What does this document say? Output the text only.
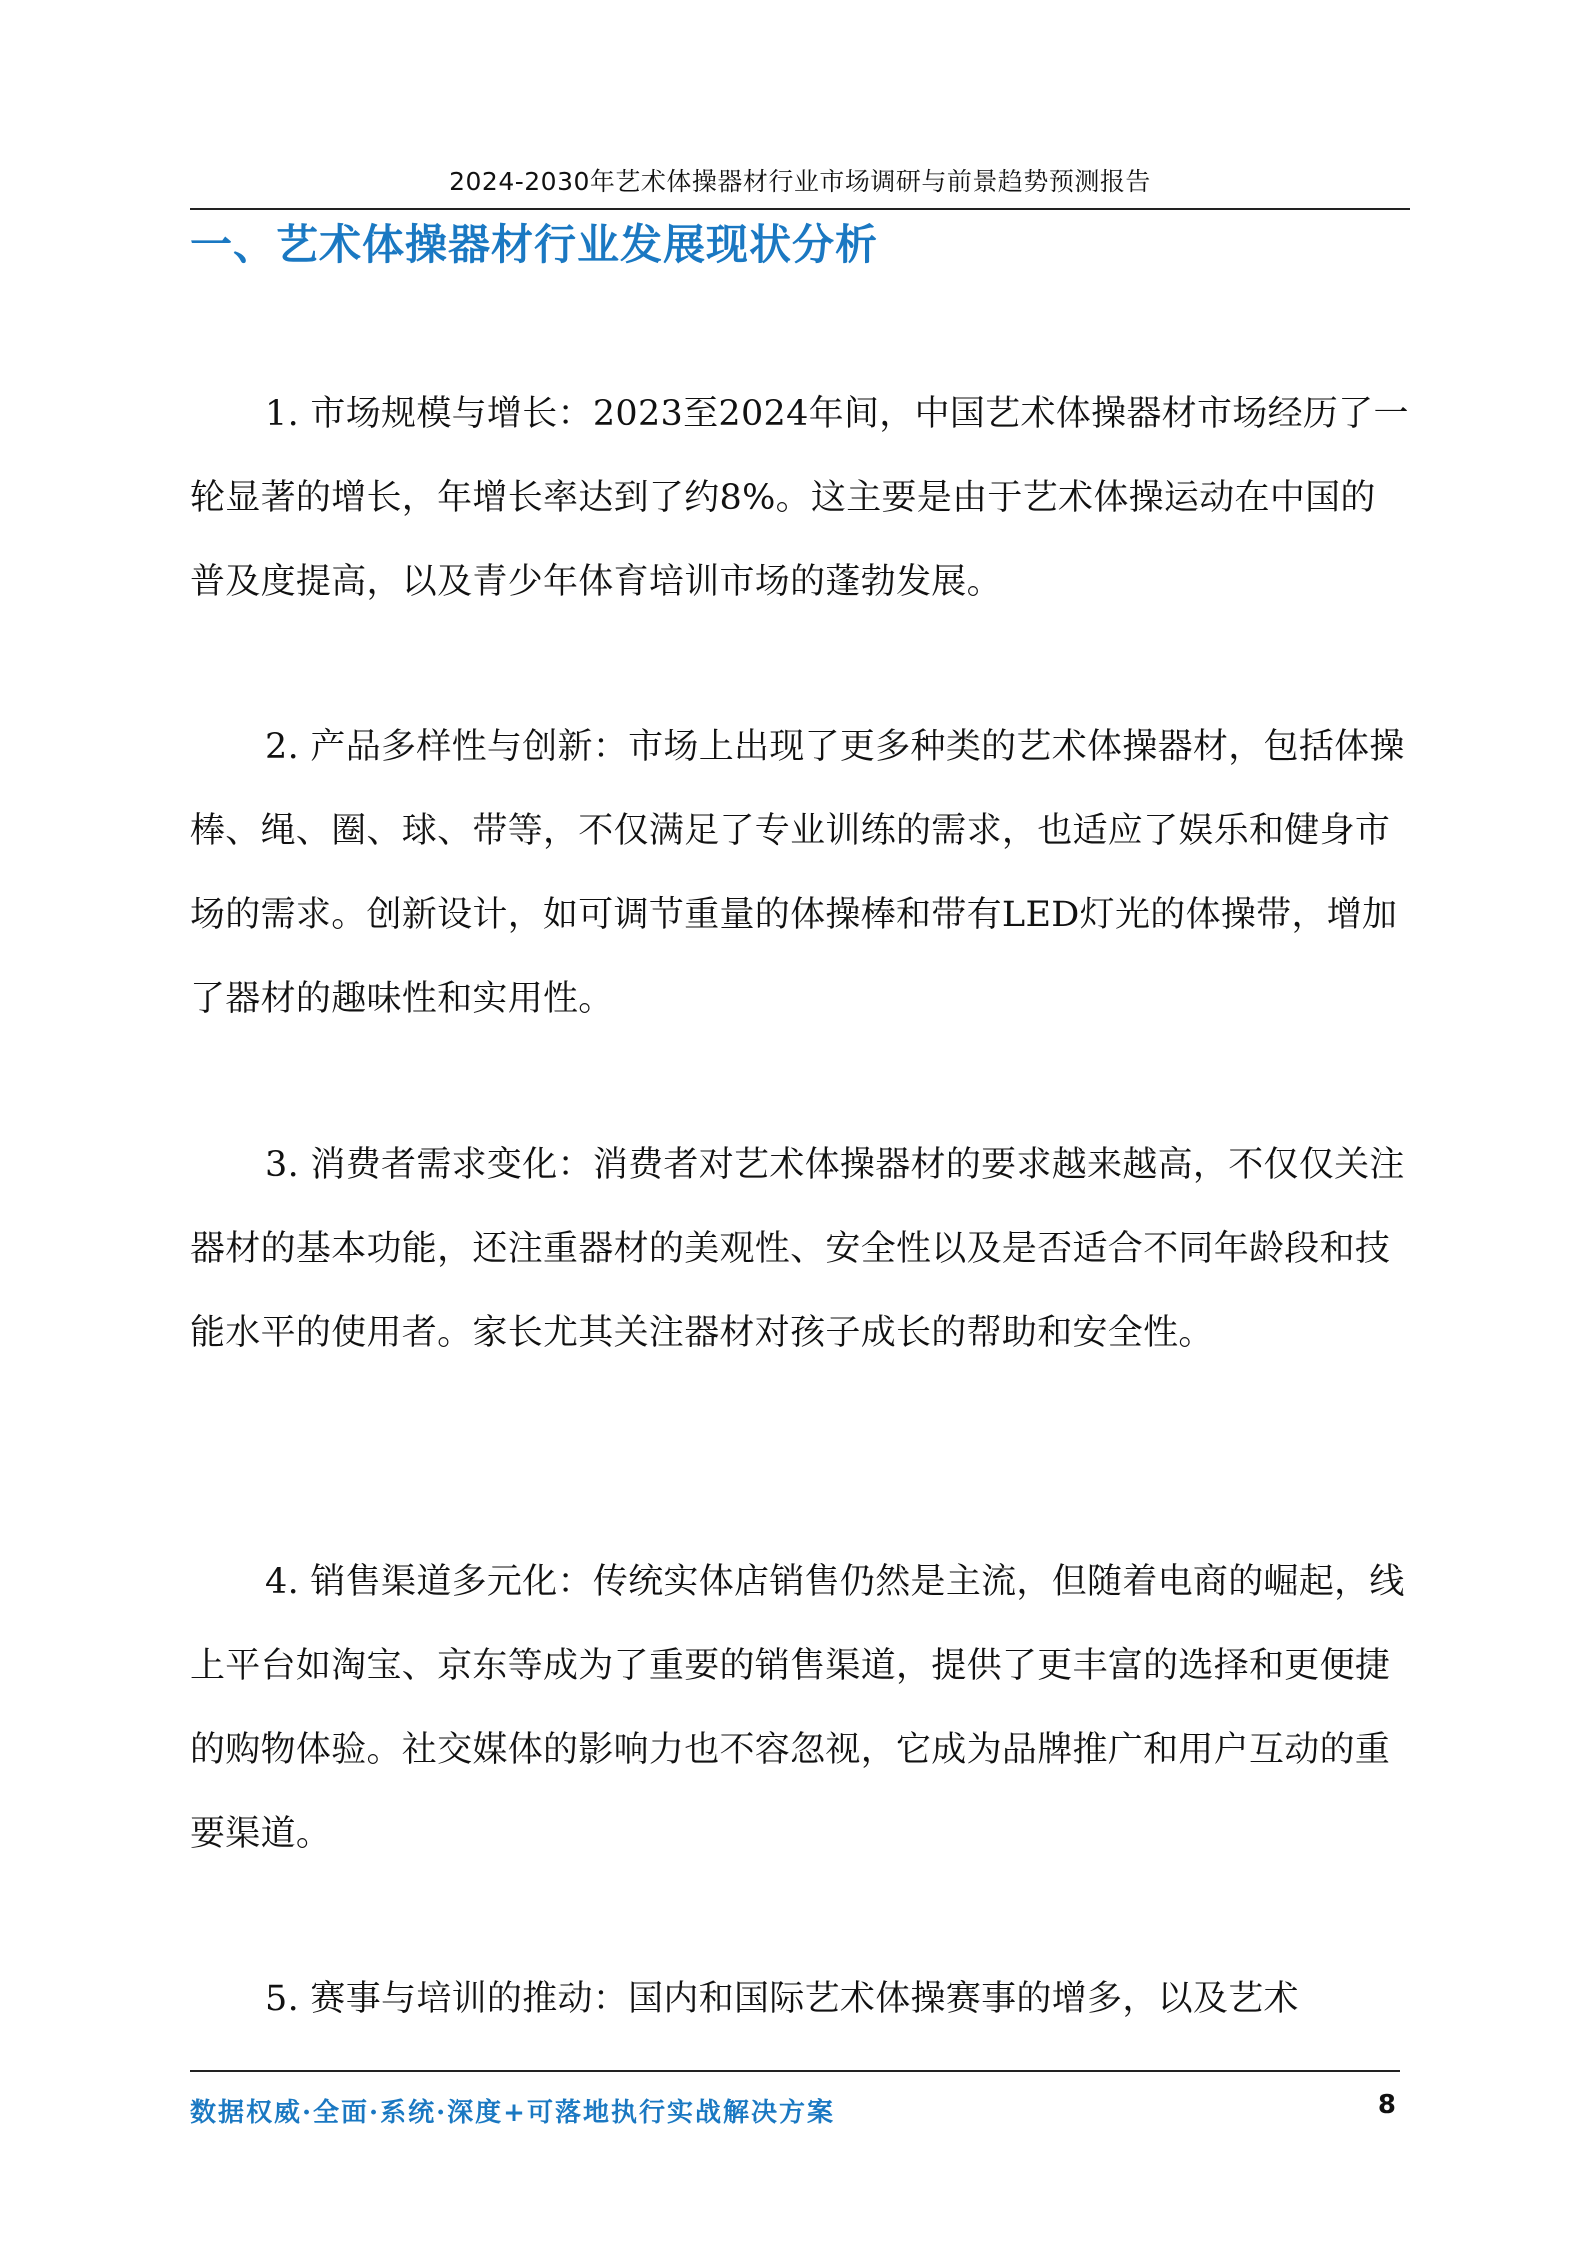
2024-2030年艺术体操器材行业市场调研与前景趋势预测报告
一、艺术体操器材行业发展现状分析

1. 市场规模与增长：2023至2024年间，中国艺术体操器材市场经历了一轮显著的增长，年增长率达到了约8%。这主要是由于艺术体操运动在中国的普及度提高，以及青少年体育培训市场的蓬勃发展。

2. 产品多样性与创新：市场上出现了更多种类的艺术体操器材，包括体操棒、绳、圈、球、带等，不仅满足了专业训练的需求，也适应了娱乐和健身市场的需求。创新设计，如可调节重量的体操棒和带有LED灯光的体操带，增加了器材的趣味性和实用性。

3. 消费者需求变化：消费者对艺术体操器材的要求越来越高，不仅仅关注器材的基本功能，还注重器材的美观性、安全性以及是否适合不同年龄段和技能水平的使用者。家长尤其关注器材对孩子成长的帮助和安全性。

4. 销售渠道多元化：传统实体店销售仍然是主流，但随着电商的崛起，线上平台如淘宝、京东等成为了重要的销售渠道，提供了更丰富的选择和更便捷的购物体验。社交媒体的影响力也不容忽视，它成为品牌推广和用户互动的重要渠道。

5. 赛事与培训的推动：国内和国际艺术体操赛事的增多，以及艺术

数据权威·全面·系统·深度+可落地执行实战解决方案	8
